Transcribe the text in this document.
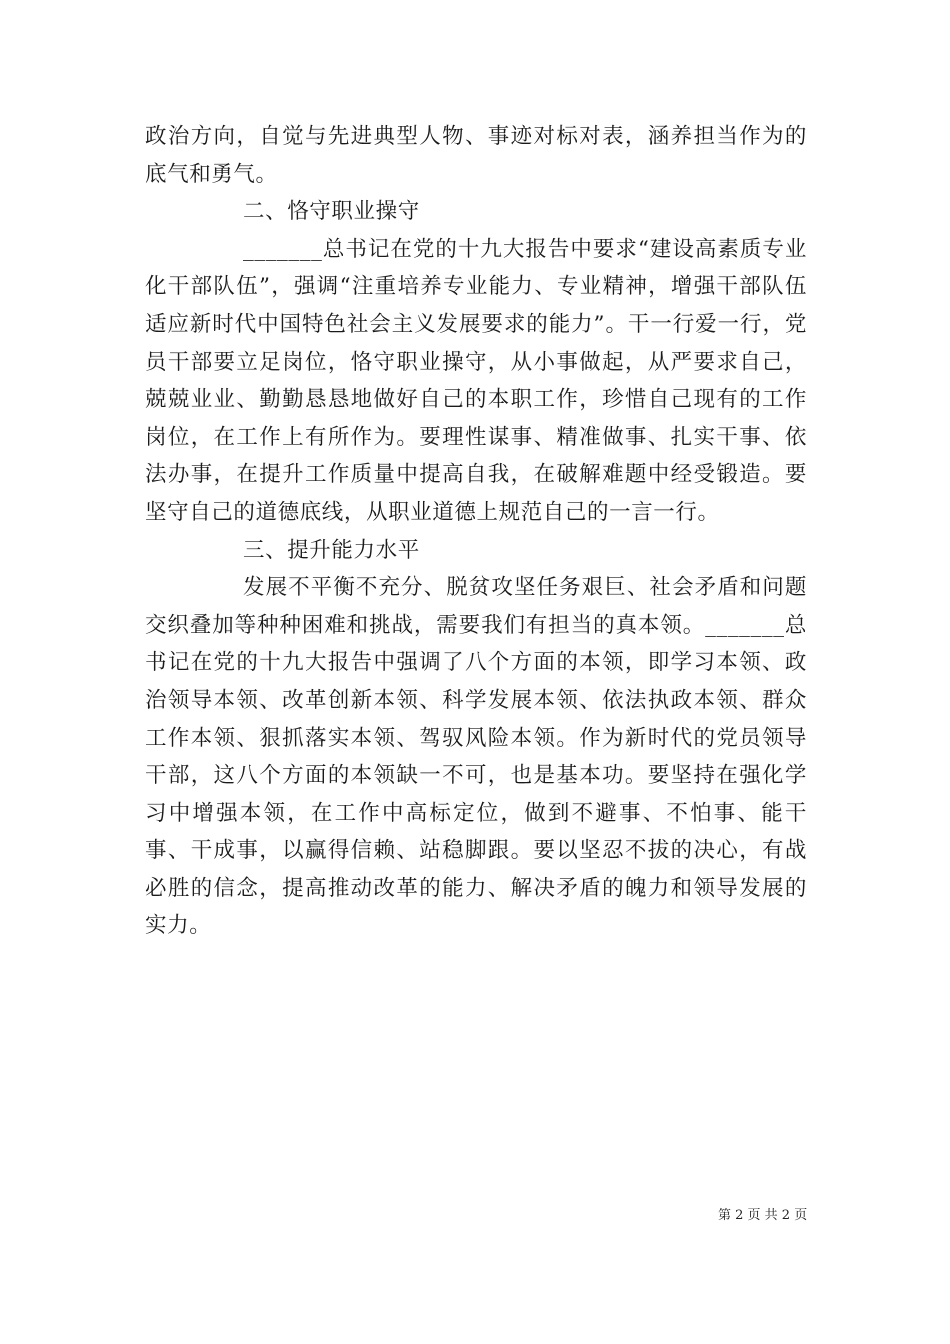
政治方向，自觉与先进典型人物、事迹对标对表，涵养担当作为的底气和勇气。

二、恪守职业操守

_______总书记在党的十九大报告中要求“建设高素质专业化干部队伍”，强调“注重培养专业能力、专业精神，增强干部队伍适应新时代中国特色社会主义发展要求的能力”。干一行爱一行，党员干部要立足岗位，恪守职业操守，从小事做起，从严要求自己，兢兢业业、勤勤恳恳地做好自己的本职工作，珍惜自己现有的工作岗位，在工作上有所作为。要理性谋事、精准做事、扎实干事、依法办事，在提升工作质量中提高自我，在破解难题中经受锻造。要坚守自己的道德底线，从职业道德上规范自己的一言一行。

三、提升能力水平

发展不平衡不充分、脱贫攻坚任务艰巨、社会矛盾和问题交织叠加等种种困难和挑战，需要我们有担当的真本领。_______总书记在党的十九大报告中强调了八个方面的本领，即学习本领、政治领导本领、改革创新本领、科学发展本领、依法执政本领、群众工作本领、狠抓落实本领、驾驭风险本领。作为新时代的党员领导干部，这八个方面的本领缺一不可，也是基本功。要坚持在强化学习中增强本领，在工作中高标定位，做到不避事、不怕事、能干事、干成事，以赢得信赖、站稳脚跟。要以坚忍不拔的决心，有战必胜的信念，提高推动改革的能力、解决矛盾的魄力和领导发展的实力。

第 2 页 共 2 页
